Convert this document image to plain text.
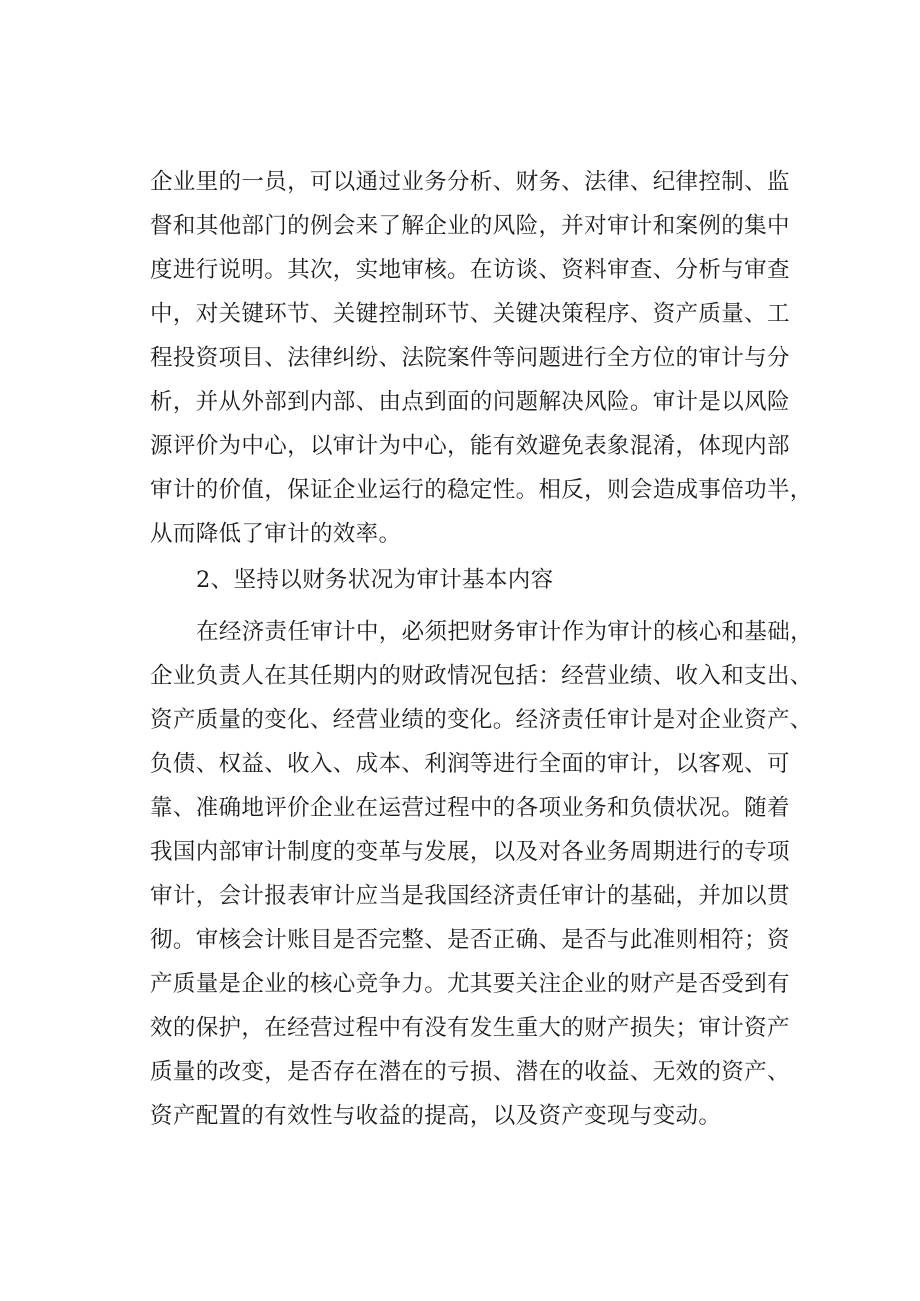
企业里的一员，可以通过业务分析、财务、法律、纪律控制、监
督和其他部门的例会来了解企业的风险，并对审计和案例的集中
度进行说明。其次，实地审核。在访谈、资料审查、分析与审查
中，对关键环节、关键控制环节、关键决策程序、资产质量、工
程投资项目、法律纠纷、法院案件等问题进行全方位的审计与分
析，并从外部到内部、由点到面的问题解决风险。审计是以风险
源评价为中心，以审计为中心，能有效避免表象混淆，体现内部
审计的价值，保证企业运行的稳定性。相反，则会造成事倍功半，
从而降低了审计的效率。
2、坚持以财务状况为审计基本内容
在经济责任审计中，必须把财务审计作为审计的核心和基础，
企业负责人在其任期内的财政情况包括：经营业绩、收入和支出、
资产质量的变化、经营业绩的变化。经济责任审计是对企业资产、
负债、权益、收入、成本、利润等进行全面的审计，以客观、可
靠、准确地评价企业在运营过程中的各项业务和负债状况。随着
我国内部审计制度的变革与发展，以及对各业务周期进行的专项
审计，会计报表审计应当是我国经济责任审计的基础，并加以贯
彻。审核会计账目是否完整、是否正确、是否与此准则相符；资
产质量是企业的核心竞争力。尤其要关注企业的财产是否受到有
效的保护，在经营过程中有没有发生重大的财产损失；审计资产
质量的改变，是否存在潜在的亏损、潜在的收益、无效的资产、
资产配置的有效性与收益的提高，以及资产变现与变动。
